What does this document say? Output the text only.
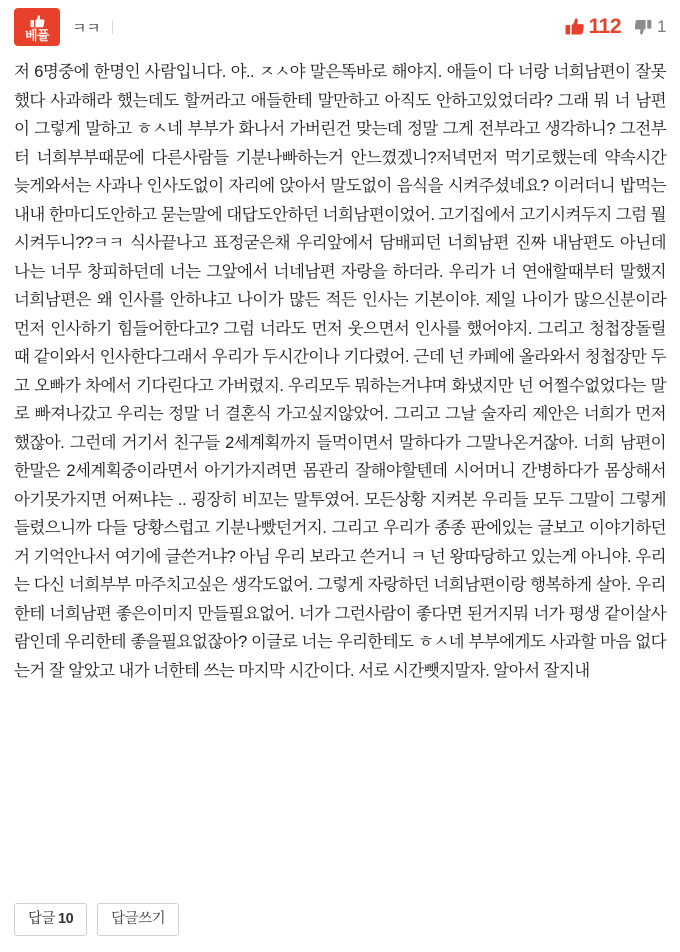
베플 ㅋㅋ	112 1
저 6명중에 한명인 사람입니다. 야.. ㅈㅅ야 말은똑바로 해야지. 애들이 다 너랑 너희남편이 잘못했다 사과해라 했는데도 할꺼라고 애들한테 말만하고 아직도 안하고있었더라? 그래 뭐 너 남편이 그렇게 말하고 ㅎㅅ네 부부가 화나서 가버린건 맞는데 정말 그게 전부라고 생각하니? 그전부터 너희부부때문에 다른사람들 기분나빠하는거 안느꼈겠니?저녁먼저 먹기로했는데 약속시간 늦게와서는 사과나 인사도없이 자리에 앉아서 말도없이 음식을 시켜주셨네요? 이러더니 밥먹는내내 한마디도안하고 묻는말에 대답도안하던 너희남편이었어. 고기집에서 고기시켜두지 그럼 뭘시켜두니??ㅋㅋ 식사끝나고 표정굳은채 우리앞에서 담배피던 너희남편 진짜 내남편도 아닌데 나는 너무 창피하던데 너는 그앞에서 너네남편 자랑을 하더라. 우리가 너 연애할때부터 말했지 너희남편은 왜 인사를 안하냐고 나이가 많든 적든 인사는 기본이야. 제일 나이가 많으신분이라 먼저 인사하기 힘들어한다고? 그럼 너라도 먼저 웃으면서 인사를 했어야지. 그리고 청첩장돌릴때 같이와서 인사한다그래서 우리가 두시간이나 기다렸어. 근데 넌 카페에 올라와서 청첩장만 두고 오빠가 차에서 기다린다고 가버렸지. 우리모두 뭐하는거냐며 화냈지만 넌 어쩔수없었다는 말로 빠져나갔고 우리는 정말 너 결혼식 가고싶지않았어. 그리고 그날 술자리 제안은 너희가 먼저했잖아. 그런데 거기서 친구들 2세계획까지 들먹이면서 말하다가 그말나온거잖아. 너희 남편이 한말은 2세계획중이라면서 아기가지려면 몸관리 잘해야할텐데 시어머니 간병하다가 몸상해서 아기못가지면 어쩌냐는 .. 굉장히 비꼬는 말투였어. 모든상황 지켜본 우리들 모두 그말이 그렇게 들렸으니까 다들 당황스럽고 기분나빴던거지. 그리고 우리가 종종 판에있는 글보고 이야기하던거 기억안나서 여기에 글쓴거냐? 아님 우리 보라고 쓴거니 ㅋ 넌 왕따당하고 있는게 아니야. 우리는 다신 너희부부 마주치고싶은 생각도없어. 그렇게 자랑하던 너희남편이랑 행복하게 살아. 우리한테 너희남편 좋은이미지 만들필요없어. 너가 그런사람이 좋다면 된거지뭐 너가 평생 같이살사람인데 우리한테 좋을필요없잖아? 이글로 너는 우리한테도 ㅎㅅ네 부부에게도 사과할 마음 없다는거 잘 알았고 내가 너한테 쓰는 마지막 시간이다. 서로 시간뺏지말자. 알아서 잘지내
답글 10	답글쓰기
